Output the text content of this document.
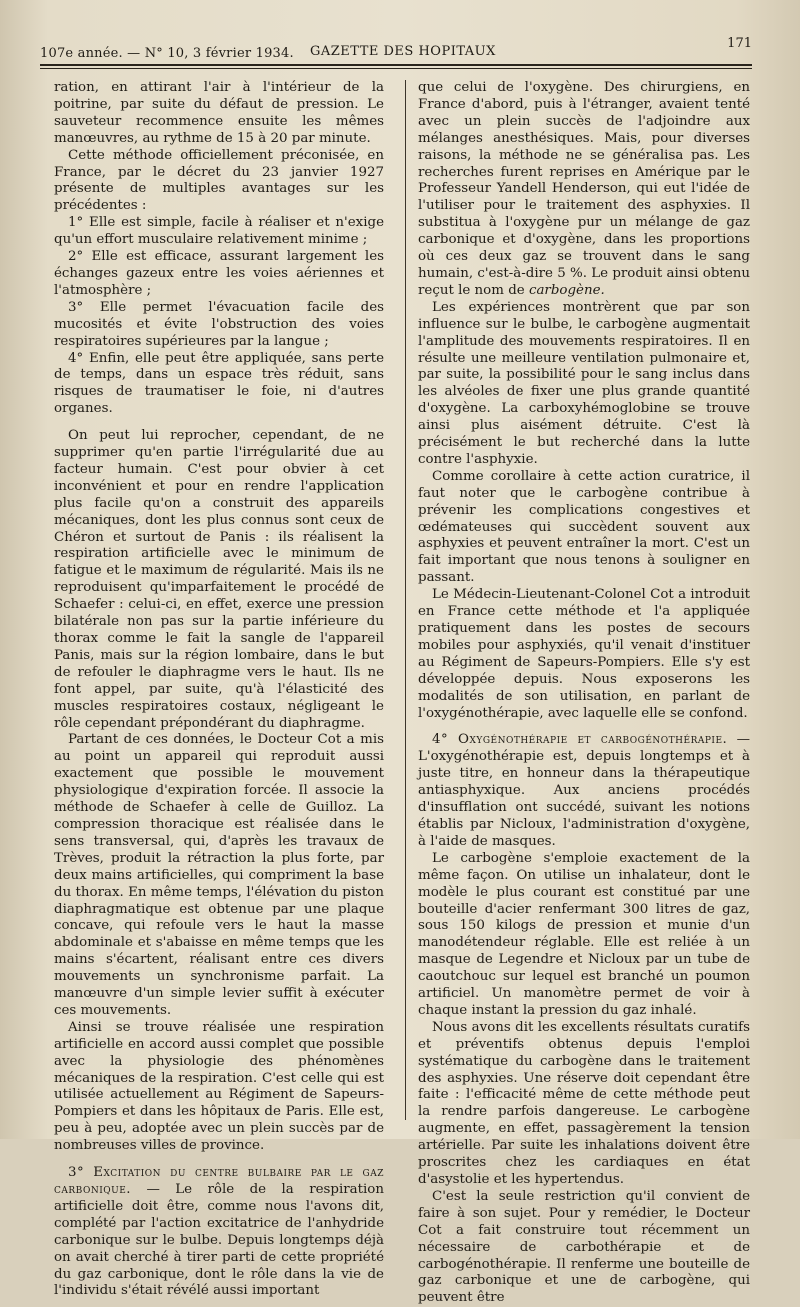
107e année. — N° 10, 3 février 1934. GAZETTE DES HOPITAUX
171

ration, en attirant l'air à l'intérieur de la poitrine, par suite du défaut de pression. Le sauveteur recommence ensuite les mêmes manœuvres, au rythme de 15 à 20 par minute.

Cette méthode officiellement préconisée, en France, par le décret du 23 janvier 1927 présente de multiples avantages sur les précédentes :

1° Elle est simple, facile à réaliser et n'exige qu'un effort musculaire relativement minime ;

2° Elle est efficace, assurant largement les échanges gazeux entre les voies aériennes et l'atmosphère ;

3° Elle permet l'évacuation facile des mucosités et évite l'obstruction des voies respiratoires supérieures par la langue ;

4° Enfin, elle peut être appliquée, sans perte de temps, dans un espace très réduit, sans risques de traumatiser le foie, ni d'autres organes.

On peut lui reprocher, cependant, de ne supprimer qu'en partie l'irrégularité due au facteur humain. C'est pour obvier à cet inconvénient et pour en rendre l'application plus facile qu'on a construit des appareils mécaniques, dont les plus connus sont ceux de Chéron et surtout de Panis : ils réalisent la respiration artificielle avec le minimum de fatigue et le maximum de régularité. Mais ils ne reproduisent qu'imparfaitement le procédé de Schaefer : celui-ci, en effet, exerce une pression bilatérale non pas sur la partie inférieure du thorax comme le fait la sangle de l'appareil Panis, mais sur la région lombaire, dans le but de refouler le diaphragme vers le haut. Ils ne font appel, par suite, qu'à l'élasticité des muscles respiratoires costaux, négligeant le rôle cependant prépondérant du diaphragme.

Partant de ces données, le Docteur Cot a mis au point un appareil qui reproduit aussi exactement que possible le mouvement physiologique d'expiration forcée. Il associe la méthode de Schaefer à celle de Guilloz. La compression thoracique est réalisée dans le sens transversal, qui, d'après les travaux de Trèves, produit la rétraction la plus forte, par deux mains artificielles, qui compriment la base du thorax. En même temps, l'élévation du piston diaphragmatique est obtenue par une plaque concave, qui refoule vers le haut la masse abdominale et s'abaisse en même temps que les mains s'écartent, réalisant entre ces divers mouvements un synchronisme parfait. La manœuvre d'un simple levier suffit à exécuter ces mouvements.

Ainsi se trouve réalisée une respiration artificielle en accord aussi complet que possible avec la physiologie des phénomènes mécaniques de la respiration. C'est celle qui est utilisée actuellement au Régiment de Sapeurs-Pompiers et dans les hôpitaux de Paris. Elle est, peu à peu, adoptée avec un plein succès par de nombreuses villes de province.

3° Excitation du centre bulbaire par le gaz carbonique. — Le rôle de la respiration artificielle doit être, comme nous l'avons dit, complété par l'action excitatrice de l'anhydride carbonique sur le bulbe. Depuis longtemps déjà on avait cherché à tirer parti de cette propriété du gaz carbonique, dont le rôle dans la vie de l'individu s'était révélé aussi important

que celui de l'oxygène. Des chirurgiens, en France d'abord, puis à l'étranger, avaient tenté avec un plein succès de l'adjoindre aux mélanges anesthésiques. Mais, pour diverses raisons, la méthode ne se généralisa pas. Les recherches furent reprises en Amérique par le Professeur Yandell Henderson, qui eut l'idée de l'utiliser pour le traitement des asphyxies. Il substitua à l'oxygène pur un mélange de gaz carbonique et d'oxygène, dans les proportions où ces deux gaz se trouvent dans le sang humain, c'est-à-dire 5 %. Le produit ainsi obtenu reçut le nom de carbogène.

Les expériences montrèrent que par son influence sur le bulbe, le carbogène augmentait l'amplitude des mouvements respiratoires. Il en résulte une meilleure ventilation pulmonaire et, par suite, la possibilité pour le sang inclus dans les alvéoles de fixer une plus grande quantité d'oxygène. La carboxyhémoglobine se trouve ainsi plus aisément détruite. C'est là précisément le but recherché dans la lutte contre l'asphyxie.

Comme corollaire à cette action curatrice, il faut noter que le carbogène contribue à prévenir les complications congestives et œdémateuses qui succèdent souvent aux asphyxies et peuvent entraîner la mort. C'est un fait important que nous tenons à souligner en passant.

Le Médecin-Lieutenant-Colonel Cot a introduit en France cette méthode et l'a appliquée pratiquement dans les postes de secours mobiles pour asphyxiés, qu'il venait d'instituer au Régiment de Sapeurs-Pompiers. Elle s'y est développée depuis. Nous exposerons les modalités de son utilisation, en parlant de l'oxygénothérapie, avec laquelle elle se confond.

4° Oxygénothérapie et carbogénothérapie. — L'oxygénothérapie est, depuis longtemps et à juste titre, en honneur dans la thérapeutique antiasphyxique. Aux anciens procédés d'insufflation ont succédé, suivant les notions établis par Nicloux, l'administration d'oxygène, à l'aide de masques.

Le carbogène s'emploie exactement de la même façon. On utilise un inhalateur, dont le modèle le plus courant est constitué par une bouteille d'acier renfermant 300 litres de gaz, sous 150 kilogs de pression et munie d'un manodétendeur réglable. Elle est reliée à un masque de Legendre et Nicloux par un tube de caoutchouc sur lequel est branché un poumon artificiel. Un manomètre permet de voir à chaque instant la pression du gaz inhalé.

Nous avons dit les excellents résultats curatifs et préventifs obtenus depuis l'emploi systématique du carbogène dans le traitement des asphyxies. Une réserve doit cependant être faite : l'efficacité même de cette méthode peut la rendre parfois dangereuse. Le carbogène augmente, en effet, passagèrement la tension artérielle. Par suite les inhalations doivent être proscrites chez les cardiaques en état d'asystolie et les hypertendus.

C'est la seule restriction qu'il convient de faire à son sujet. Pour y remédier, le Docteur Cot a fait construire tout récemment un nécessaire de carbothérapie et de carbogénothérapie. Il renferme une bouteille de gaz carbonique et une de carbogène, qui peuvent être
